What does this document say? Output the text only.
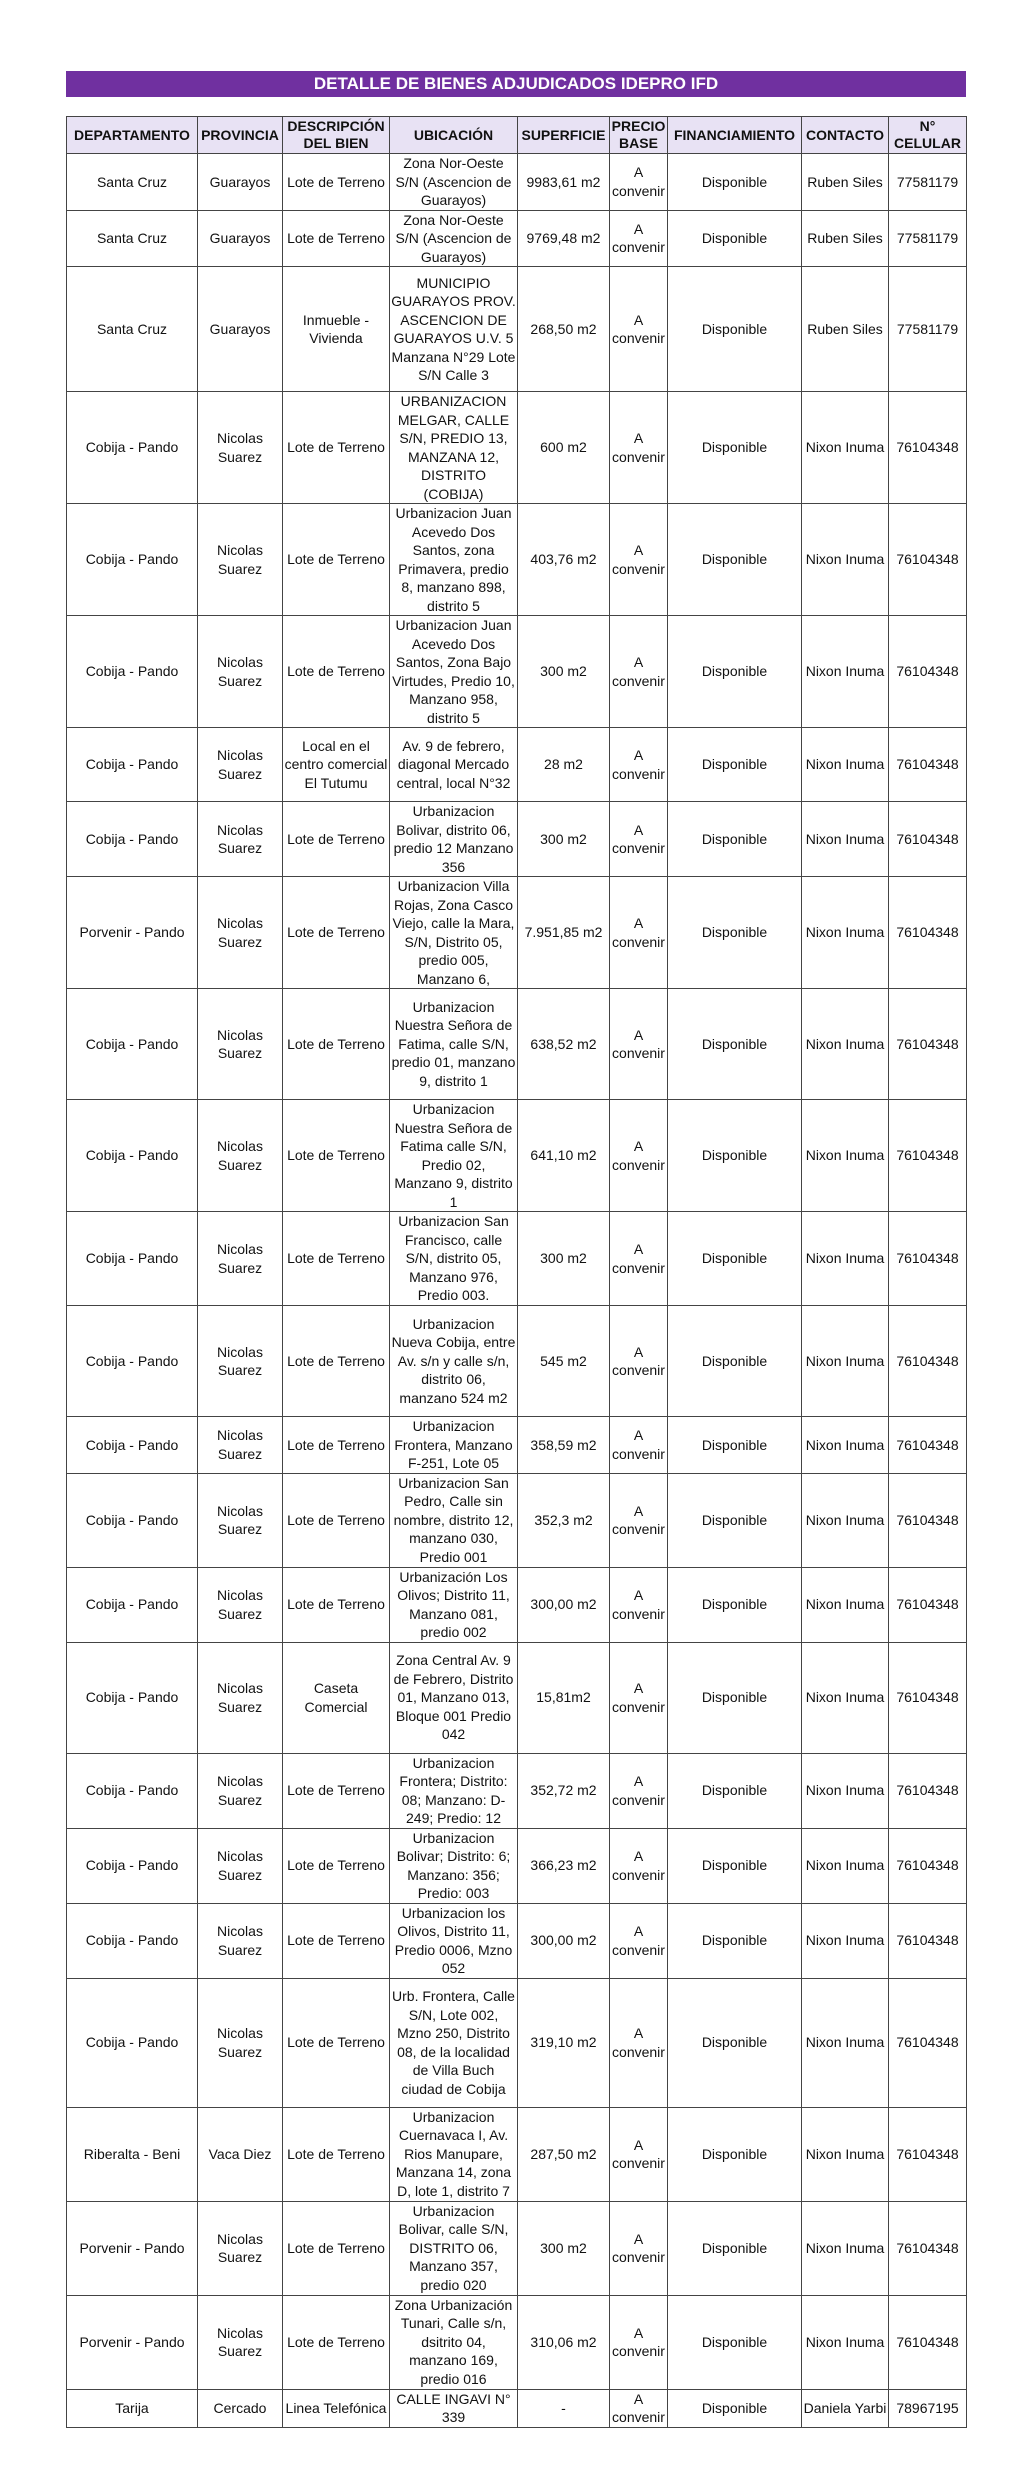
DETALLE DE BIENES ADJUDICADOS IDEPRO IFD
DEPARTAMENTO	PROVINCIA	DESCRIPCIÓN DEL BIEN	UBICACIÓN	SUPERFICIE	PRECIO BASE	FINANCIAMIENTO	CONTACTO	N° CELULAR
Santa Cruz	Guarayos	Lote de Terreno	Zona Nor-Oeste S/N (Ascencion de Guarayos)	9983,61 m2	A convenir	Disponible	Ruben Siles	77581179
Santa Cruz	Guarayos	Lote de Terreno	Zona Nor-Oeste S/N (Ascencion de Guarayos)	9769,48 m2	A convenir	Disponible	Ruben Siles	77581179
Santa Cruz	Guarayos	Inmueble - Vivienda	MUNICIPIO GUARAYOS PROV. ASCENCION DE GUARAYOS U.V. 5 Manzana N°29 Lote S/N Calle 3	268,50 m2	A convenir	Disponible	Ruben Siles	77581179
Cobija - Pando	Nicolas Suarez	Lote de Terreno	URBANIZACION MELGAR, CALLE S/N, PREDIO 13, MANZANA 12, DISTRITO (COBIJA)	600 m2	A convenir	Disponible	Nixon Inuma	76104348
Cobija - Pando	Nicolas Suarez	Lote de Terreno	Urbanizacion Juan Acevedo Dos Santos, zona Primavera, predio 8, manzano 898, distrito 5	403,76 m2	A convenir	Disponible	Nixon Inuma	76104348
Cobija - Pando	Nicolas Suarez	Lote de Terreno	Urbanizacion Juan Acevedo Dos Santos, Zona Bajo Virtudes, Predio 10, Manzano 958, distrito 5	300 m2	A convenir	Disponible	Nixon Inuma	76104348
Cobija - Pando	Nicolas Suarez	Local en el centro comercial El Tutumu	Av. 9 de febrero, diagonal Mercado central, local N°32	28 m2	A convenir	Disponible	Nixon Inuma	76104348
Cobija - Pando	Nicolas Suarez	Lote de Terreno	Urbanizacion Bolivar, distrito 06, predio 12 Manzano 356	300 m2	A convenir	Disponible	Nixon Inuma	76104348
Porvenir - Pando	Nicolas Suarez	Lote de Terreno	Urbanizacion Villa Rojas, Zona Casco Viejo, calle la Mara, S/N, Distrito 05, predio 005, Manzano 6,	7.951,85 m2	A convenir	Disponible	Nixon Inuma	76104348
Cobija - Pando	Nicolas Suarez	Lote de Terreno	Urbanizacion Nuestra Señora de Fatima, calle S/N, predio 01, manzano 9, distrito 1	638,52 m2	A convenir	Disponible	Nixon Inuma	76104348
Cobija - Pando	Nicolas Suarez	Lote de Terreno	Urbanizacion Nuestra Señora de Fatima calle S/N, Predio 02, Manzano 9, distrito 1	641,10 m2	A convenir	Disponible	Nixon Inuma	76104348
Cobija - Pando	Nicolas Suarez	Lote de Terreno	Urbanizacion San Francisco, calle S/N, distrito 05, Manzano 976, Predio 003.	300 m2	A convenir	Disponible	Nixon Inuma	76104348
Cobija - Pando	Nicolas Suarez	Lote de Terreno	Urbanizacion Nueva Cobija, entre Av. s/n y calle s/n, distrito 06, manzano 524 m2	545 m2	A convenir	Disponible	Nixon Inuma	76104348
Cobija - Pando	Nicolas Suarez	Lote de Terreno	Urbanizacion Frontera, Manzano F-251, Lote 05	358,59 m2	A convenir	Disponible	Nixon Inuma	76104348
Cobija - Pando	Nicolas Suarez	Lote de Terreno	Urbanizacion San Pedro, Calle sin nombre, distrito 12, manzano 030, Predio 001	352,3 m2	A convenir	Disponible	Nixon Inuma	76104348
Cobija - Pando	Nicolas Suarez	Lote de Terreno	Urbanización Los Olivos; Distrito 11, Manzano 081, predio 002	300,00 m2	A convenir	Disponible	Nixon Inuma	76104348
Cobija - Pando	Nicolas Suarez	Caseta Comercial	Zona Central Av. 9 de Febrero, Distrito 01, Manzano 013, Bloque 001 Predio 042	15,81m2	A convenir	Disponible	Nixon Inuma	76104348
Cobija - Pando	Nicolas Suarez	Lote de Terreno	Urbanizacion Frontera; Distrito: 08; Manzano: D-249; Predio: 12	352,72 m2	A convenir	Disponible	Nixon Inuma	76104348
Cobija - Pando	Nicolas Suarez	Lote de Terreno	Urbanizacion Bolivar; Distrito: 6; Manzano: 356; Predio: 003	366,23 m2	A convenir	Disponible	Nixon Inuma	76104348
Cobija - Pando	Nicolas Suarez	Lote de Terreno	Urbanizacion los Olivos, Distrito 11, Predio 0006, Mzno 052	300,00 m2	A convenir	Disponible	Nixon Inuma	76104348
Cobija - Pando	Nicolas Suarez	Lote de Terreno	Urb. Frontera, Calle S/N, Lote 002, Mzno 250, Distrito 08, de la localidad de Villa Buch ciudad de Cobija	319,10 m2	A convenir	Disponible	Nixon Inuma	76104348
Riberalta - Beni	Vaca Diez	Lote de Terreno	Urbanizacion Cuernavaca I, Av. Rios Manupare, Manzana 14, zona D, lote 1, distrito 7	287,50 m2	A convenir	Disponible	Nixon Inuma	76104348
Porvenir - Pando	Nicolas Suarez	Lote de Terreno	Urbanizacion Bolivar, calle S/N, DISTRITO 06, Manzano 357, predio 020	300 m2	A convenir	Disponible	Nixon Inuma	76104348
Porvenir - Pando	Nicolas Suarez	Lote de Terreno	Zona Urbanización Tunari, Calle s/n, dsitrito 04, manzano 169, predio 016	310,06 m2	A convenir	Disponible	Nixon Inuma	76104348
Tarija	Cercado	Linea Telefónica	CALLE INGAVI N° 339	-	A convenir	Disponible	Daniela Yarbi	78967195
